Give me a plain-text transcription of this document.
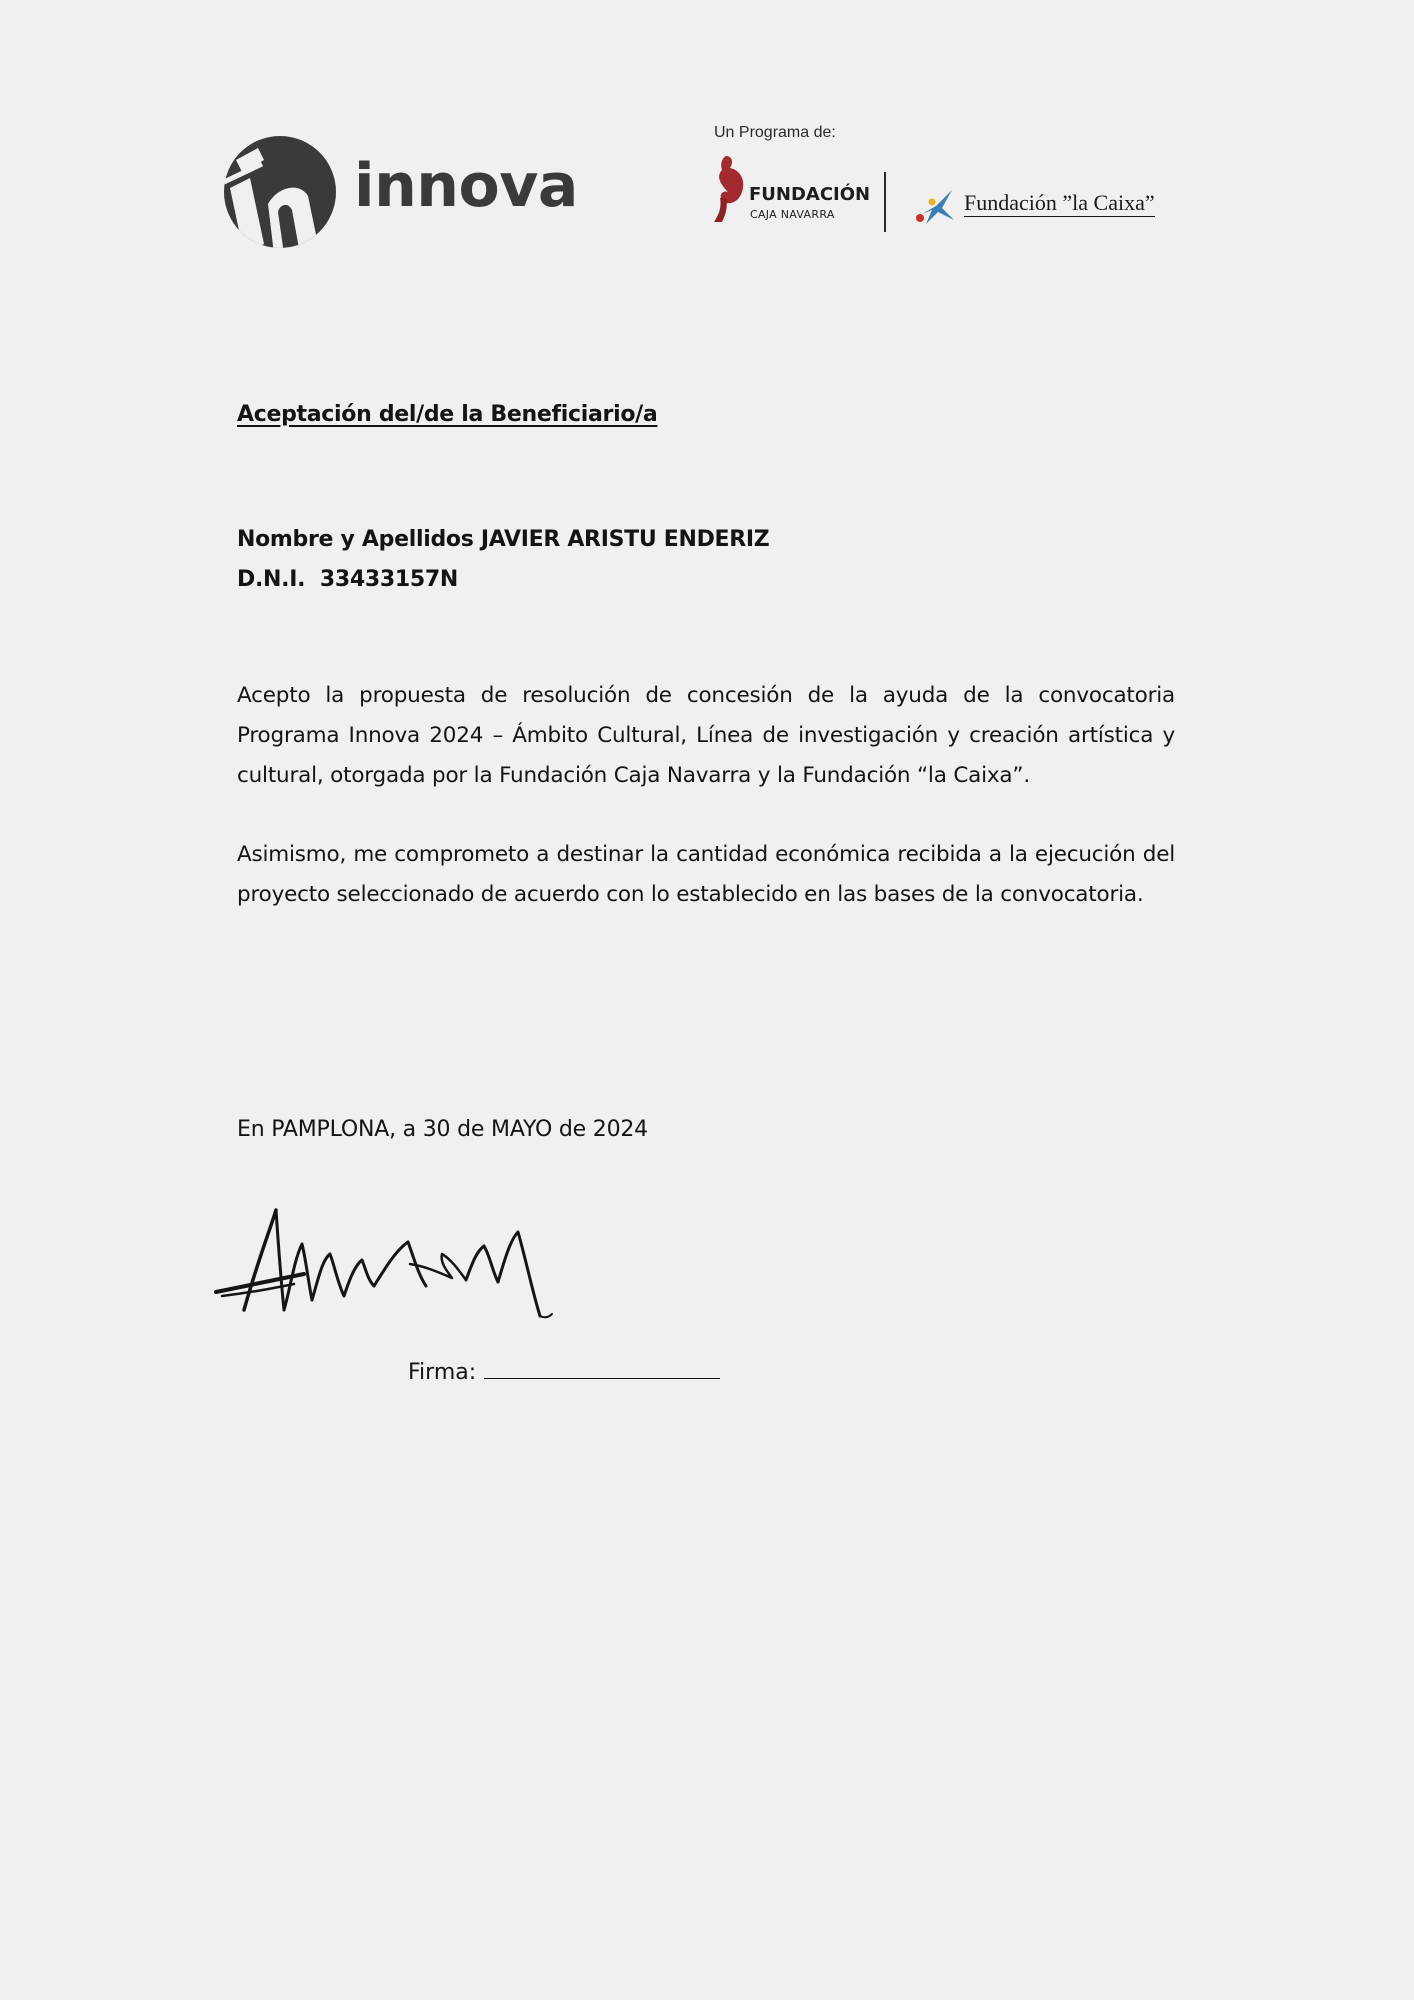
innova
Un Programa de:
FUNDACIÓN
CAJA NAVARRA	Fundación ”la Caixa”
Aceptación del/de la Beneficiario/a
Nombre y Apellidos JAVIER ARISTU ENDERIZ
D.N.I.  33433157N
Acepto la propuesta de resolución de concesión de la ayuda de la convocatoria Programa Innova 2024 – Ámbito Cultural, Línea de investigación y creación artística y cultural, otorgada por la Fundación Caja Navarra y la Fundación “la Caixa”.
Asimismo, me comprometo a destinar la cantidad económica recibida a la ejecución del proyecto seleccionado de acuerdo con lo establecido en las bases de la convocatoria.
En PAMPLONA, a 30 de MAYO de 2024
Firma:
